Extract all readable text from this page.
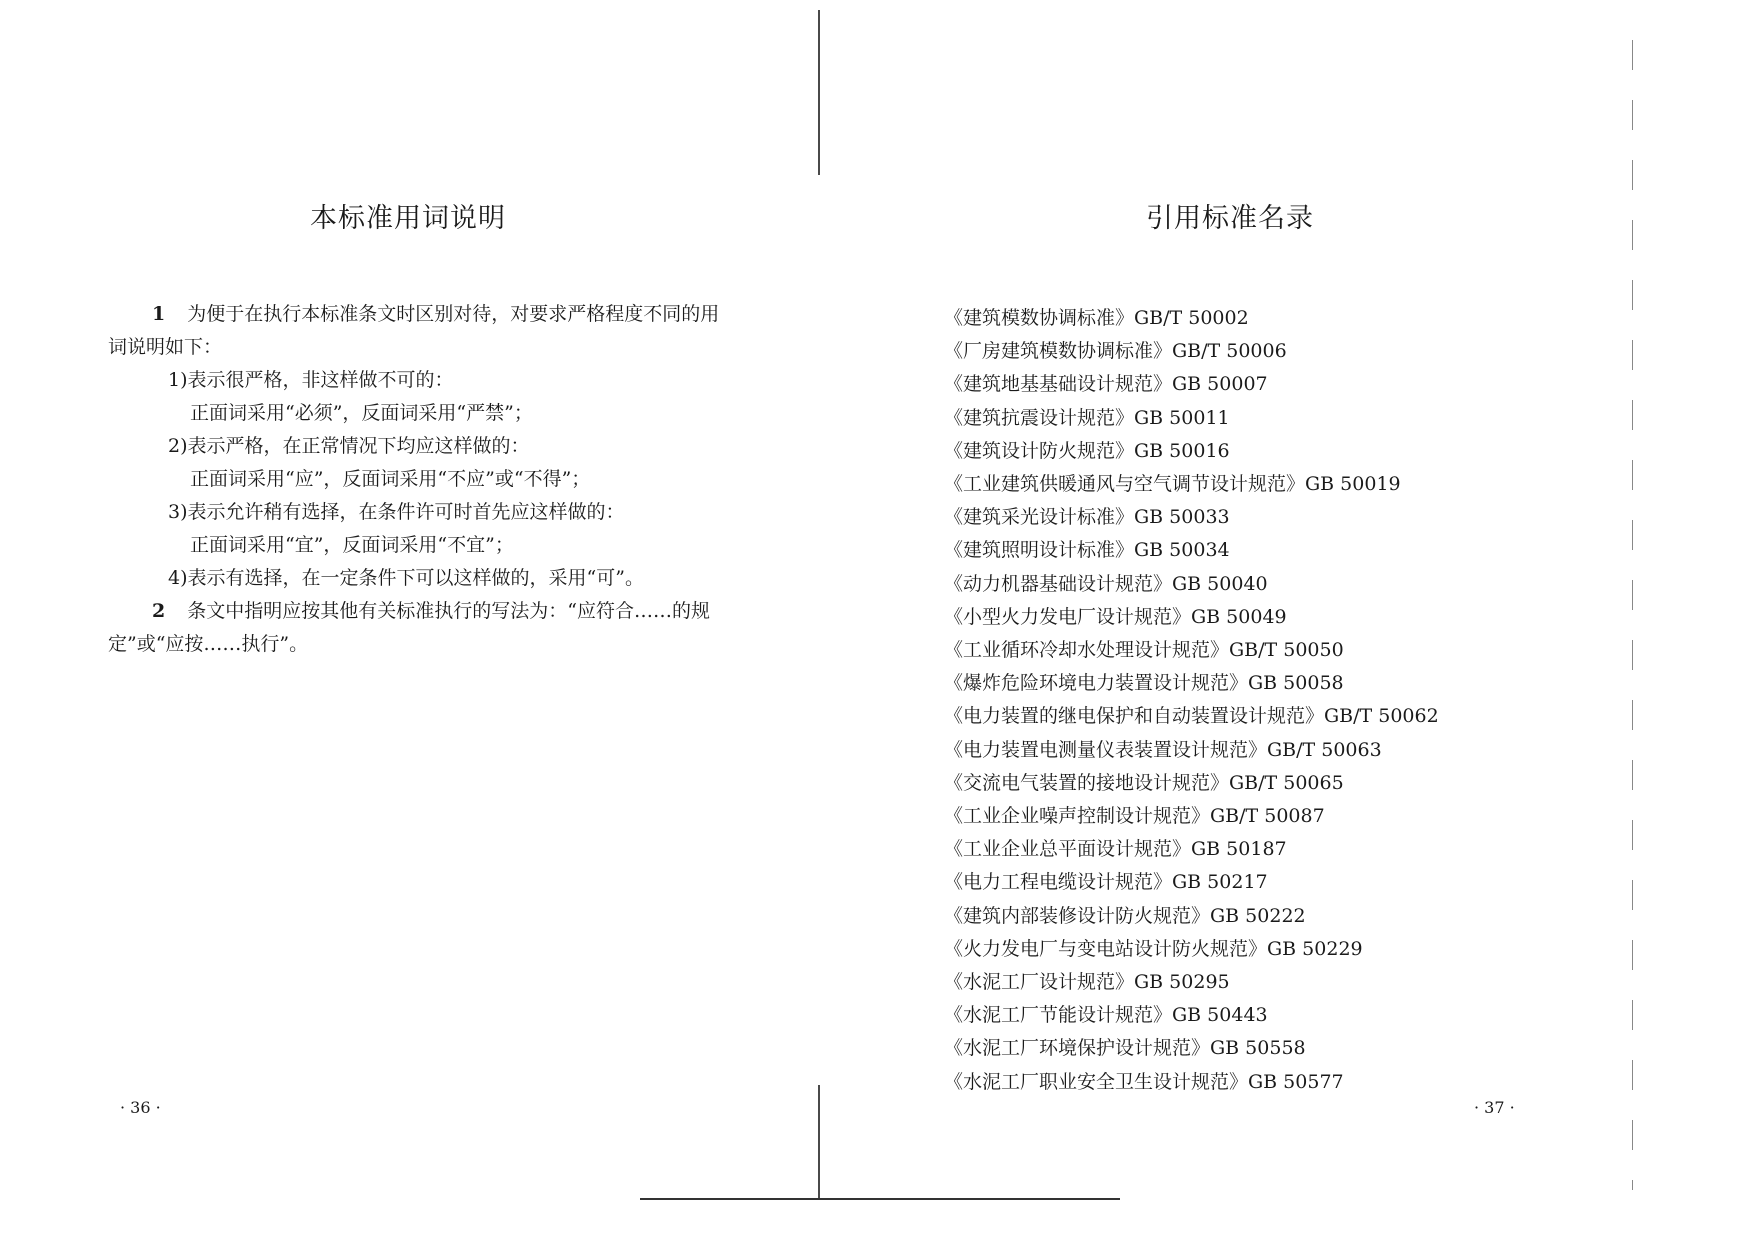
本标准用词说明

1 为便于在执行本标准条文时区别对待，对要求严格程度不同的用词说明如下：

1)表示很严格，非这样做不可的：

正面词采用“必须”，反面词采用“严禁”；

2)表示严格，在正常情况下均应这样做的：

正面词采用“应”，反面词采用“不应”或“不得”；

3)表示允许稍有选择，在条件许可时首先应这样做的：

正面词采用“宜”，反面词采用“不宜”；

4)表示有选择，在一定条件下可以这样做的，采用“可”。

2 条文中指明应按其他有关标准执行的写法为：“应符合……的规定”或“应按……执行”。

· 36 ·
引用标准名录
《建筑模数协调标准》GB/T 50002
《厂房建筑模数协调标准》GB/T 50006
《建筑地基基础设计规范》GB 50007
《建筑抗震设计规范》GB 50011
《建筑设计防火规范》GB 50016
《工业建筑供暖通风与空气调节设计规范》GB 50019
《建筑采光设计标准》GB 50033
《建筑照明设计标准》GB 50034
《动力机器基础设计规范》GB 50040
《小型火力发电厂设计规范》GB 50049
《工业循环冷却水处理设计规范》GB/T 50050
《爆炸危险环境电力装置设计规范》GB 50058
《电力装置的继电保护和自动装置设计规范》GB/T 50062
《电力装置电测量仪表装置设计规范》GB/T 50063
《交流电气装置的接地设计规范》GB/T 50065
《工业企业噪声控制设计规范》GB/T 50087
《工业企业总平面设计规范》GB 50187
《电力工程电缆设计规范》GB 50217
《建筑内部装修设计防火规范》GB 50222
《火力发电厂与变电站设计防火规范》GB 50229
《水泥工厂设计规范》GB 50295
《水泥工厂节能设计规范》GB 50443
《水泥工厂环境保护设计规范》GB 50558
《水泥工厂职业安全卫生设计规范》GB 50577
· 37 ·
